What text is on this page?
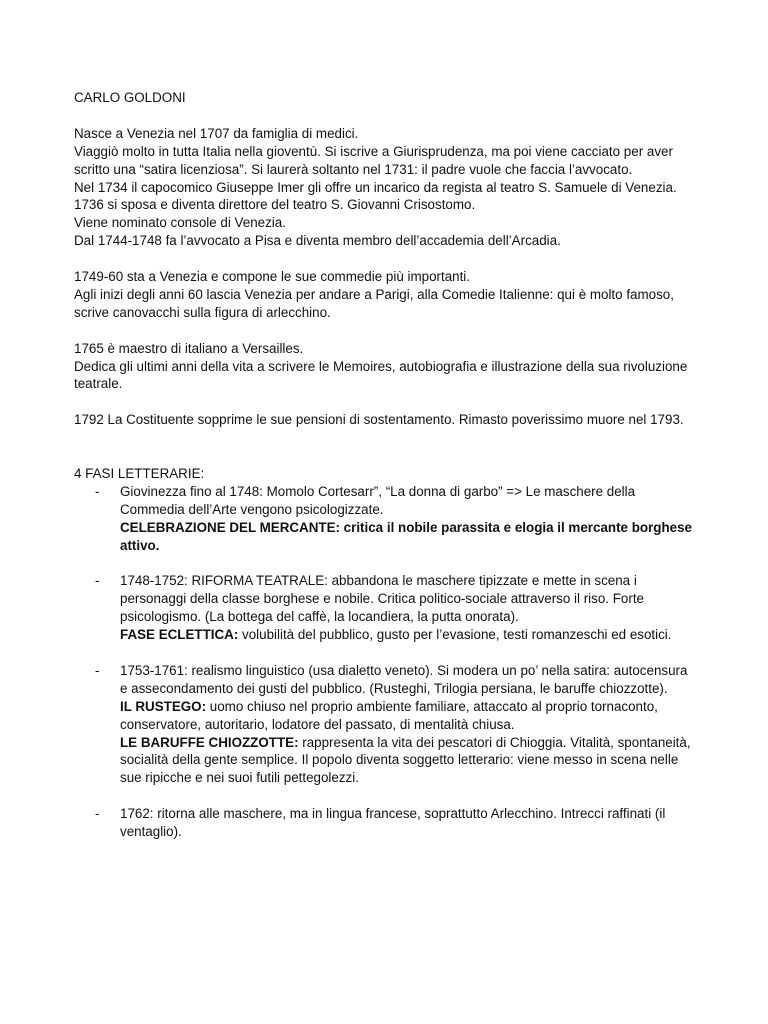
CARLO GOLDONI

Nasce a Venezia nel 1707 da famiglia di medici.

Viaggiò molto in tutta Italia nella gioventù. Si iscrive a Giurisprudenza, ma poi viene cacciato per aver scritto una “satira licenziosa”. Si laurerà soltanto nel 1731: il padre vuole che faccia l’avvocato.

Nel 1734 il capocomico Giuseppe Imer gli offre un incarico da regista al teatro S. Samuele di Venezia.

1736 si sposa e diventa direttore del teatro S. Giovanni Crisostomo.

Viene nominato console di Venezia.

Dal 1744-1748 fa l’avvocato a Pisa e diventa membro dell’accademia dell’Arcadia.

1749-60 sta a Venezia e compone le sue commedie più importanti.

Agli inizi degli anni 60 lascia Venezia per andare a Parigi, alla Comedie Italienne: qui è molto famoso, scrive canovacchi sulla figura di arlecchino.

1765 è maestro di italiano a Versailles.

Dedica gli ultimi anni della vita a scrivere le Memoires, autobiografia e illustrazione della sua rivoluzione teatrale.

1792 La Costituente sopprime le sue pensioni di sostentamento. Rimasto poverissimo muore nel 1793.

4 FASI LETTERARIE:

-	Giovinezza fino al 1748: Momolo Cortesarr”, “La donna di garbo” => Le maschere della Commedia dell’Arte vengono psicologizzate.

CELEBRAZIONE DEL MERCANTE: critica il nobile parassita e elogia il mercante borghese attivo.

-	1748-1752: RIFORMA TEATRALE: abbandona le maschere tipizzate e mette in scena i personaggi della classe borghese e nobile. Critica politico-sociale attraverso il riso. Forte psicologismo. (La bottega del caffè, la locandiera, la putta onorata).

FASE ECLETTICA: volubilità del pubblico, gusto per l’evasione, testi romanzeschi ed esotici.

-	1753-1761: realismo linguistico (usa dialetto veneto). Si modera un po’ nella satira: autocensura e assecondamento dei gusti del pubblico. (Rusteghi, Trilogia persiana, le baruffe chiozzotte).

IL RUSTEGO: uomo chiuso nel proprio ambiente familiare, attaccato al proprio tornaconto, conservatore, autoritario, lodatore del passato, di mentalità chiusa.

LE BARUFFE CHIOZZOTTE: rappresenta la vita dei pescatori di Chioggia. Vitalità, spontaneità, socialità della gente semplice. Il popolo diventa soggetto letterario: viene messo in scena nelle sue ripicche e nei suoi futili pettegolezzi.

-	1762: ritorna alle maschere, ma in lingua francese, soprattutto Arlecchino. Intrecci raffinati (il ventaglio).
